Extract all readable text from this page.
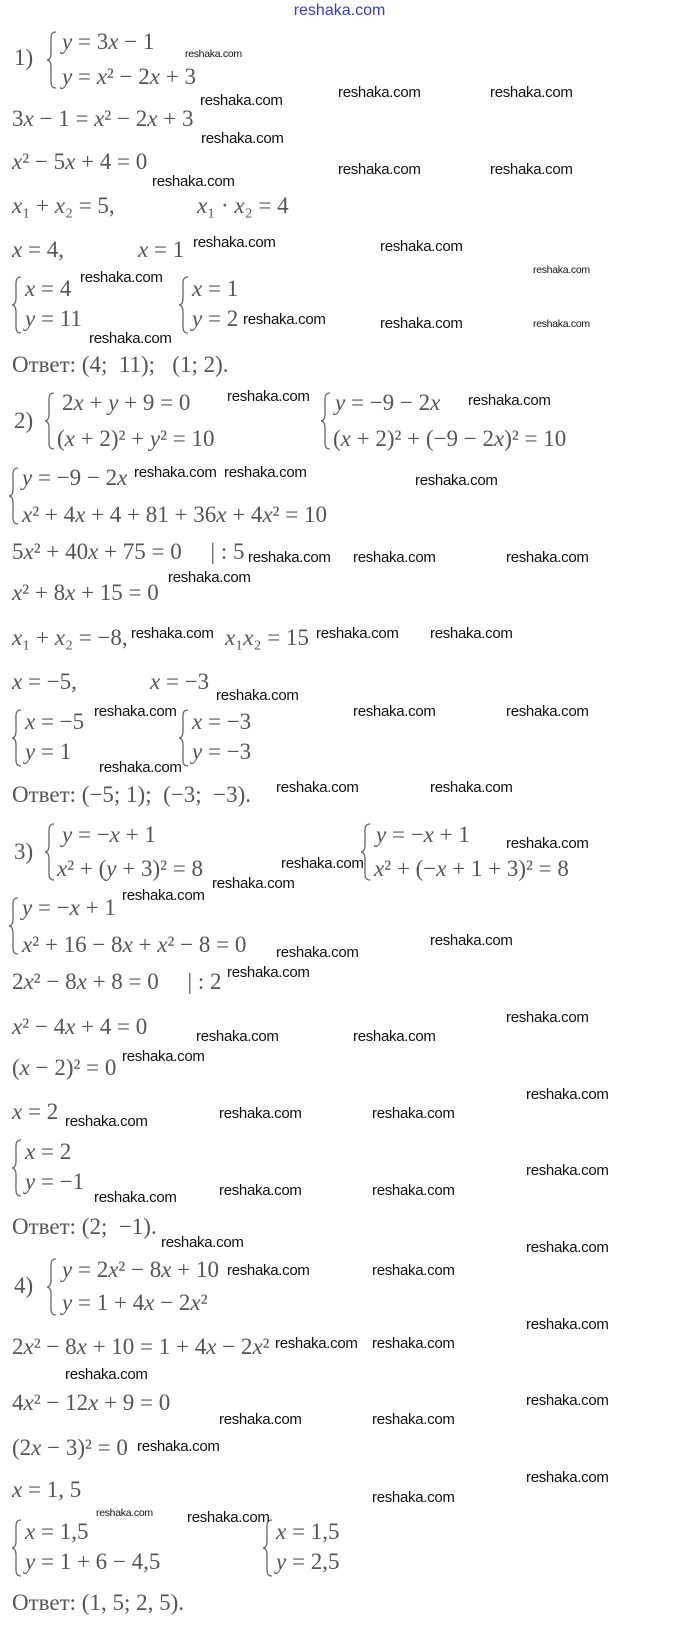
reshaka.com
1)
y = 3x − 1
y = x² − 2x + 3
3x − 1 = x² − 2x + 3
x² − 5x + 4 = 0
x₁ + x₂ = 5,	x₁ · x₂ = 4
x = 4,	x = 1
x = 4
y = 11
x = 1
y = 2
Ответ: (4;  11);   (1; 2).
2)
2x + y + 9 = 0
(x + 2)² + y² = 10
y = −9 − 2x
(x + 2)² + (−9 − 2x)² = 10
y = −9 − 2x
x² + 4x + 4 + 81 + 36x + 4x² = 10
5x² + 40x + 75 = 0     | : 5
x² + 8x + 15 = 0
x₁ + x₂ = −8,	x₁x₂ = 15
x = −5,	x = −3
x = −5
y = 1
x = −3
y = −3
Ответ: (−5; 1);  (−3;  −3).
3)
y = −x + 1
x² + (y + 3)² = 8
y = −x + 1
x² + (−x + 1 + 3)² = 8
y = −x + 1
x² + 16 − 8x + x² − 8 = 0
2x² − 8x + 8 = 0     | : 2
x² − 4x + 4 = 0
(x − 2)² = 0
x = 2
x = 2
y = −1
Ответ: (2;  −1).
4)
y = 2x² − 8x + 10
y = 1 + 4x − 2x²
2x² − 8x + 10 = 1 + 4x − 2x²
4x² − 12x + 9 = 0
(2x − 3)² = 0
x = 1, 5
x = 1,5
y = 1 + 6 − 4,5
x = 1,5
y = 2,5
Ответ: (1, 5; 2, 5).
reshaka.com
reshaka.com	reshaka.com	reshaka.com
reshaka.com
reshaka.com	reshaka.com
reshaka.com
reshaka.com	reshaka.com
reshaka.com	reshaka.com
reshaka.com	reshaka.com	reshaka.com
reshaka.com
reshaka.com	reshaka.com
reshaka.com reshaka.com	reshaka.com
reshaka.com
reshaka.com reshaka.com	reshaka.com
reshaka.com	reshaka.com reshaka.com
reshaka.com
reshaka.com
reshaka.com	reshaka.com
reshaka.com
reshaka.com	reshaka.com
reshaka.com
reshaka.com
reshaka.com
reshaka.com
reshaka.com
reshaka.com
reshaka.com
reshaka.com
reshaka.com	reshaka.com
reshaka.com
reshaka.com
reshaka.com	reshaka.com
reshaka.com
reshaka.com
reshaka.com	reshaka.com
reshaka.com
reshaka.com
reshaka.com	reshaka.com
reshaka.com
reshaka.com
reshaka.com reshaka.com
reshaka.com
reshaka.com
reshaka.com	reshaka.com
reshaka.com
reshaka.com
reshaka.com
reshaka.com reshaka.com
